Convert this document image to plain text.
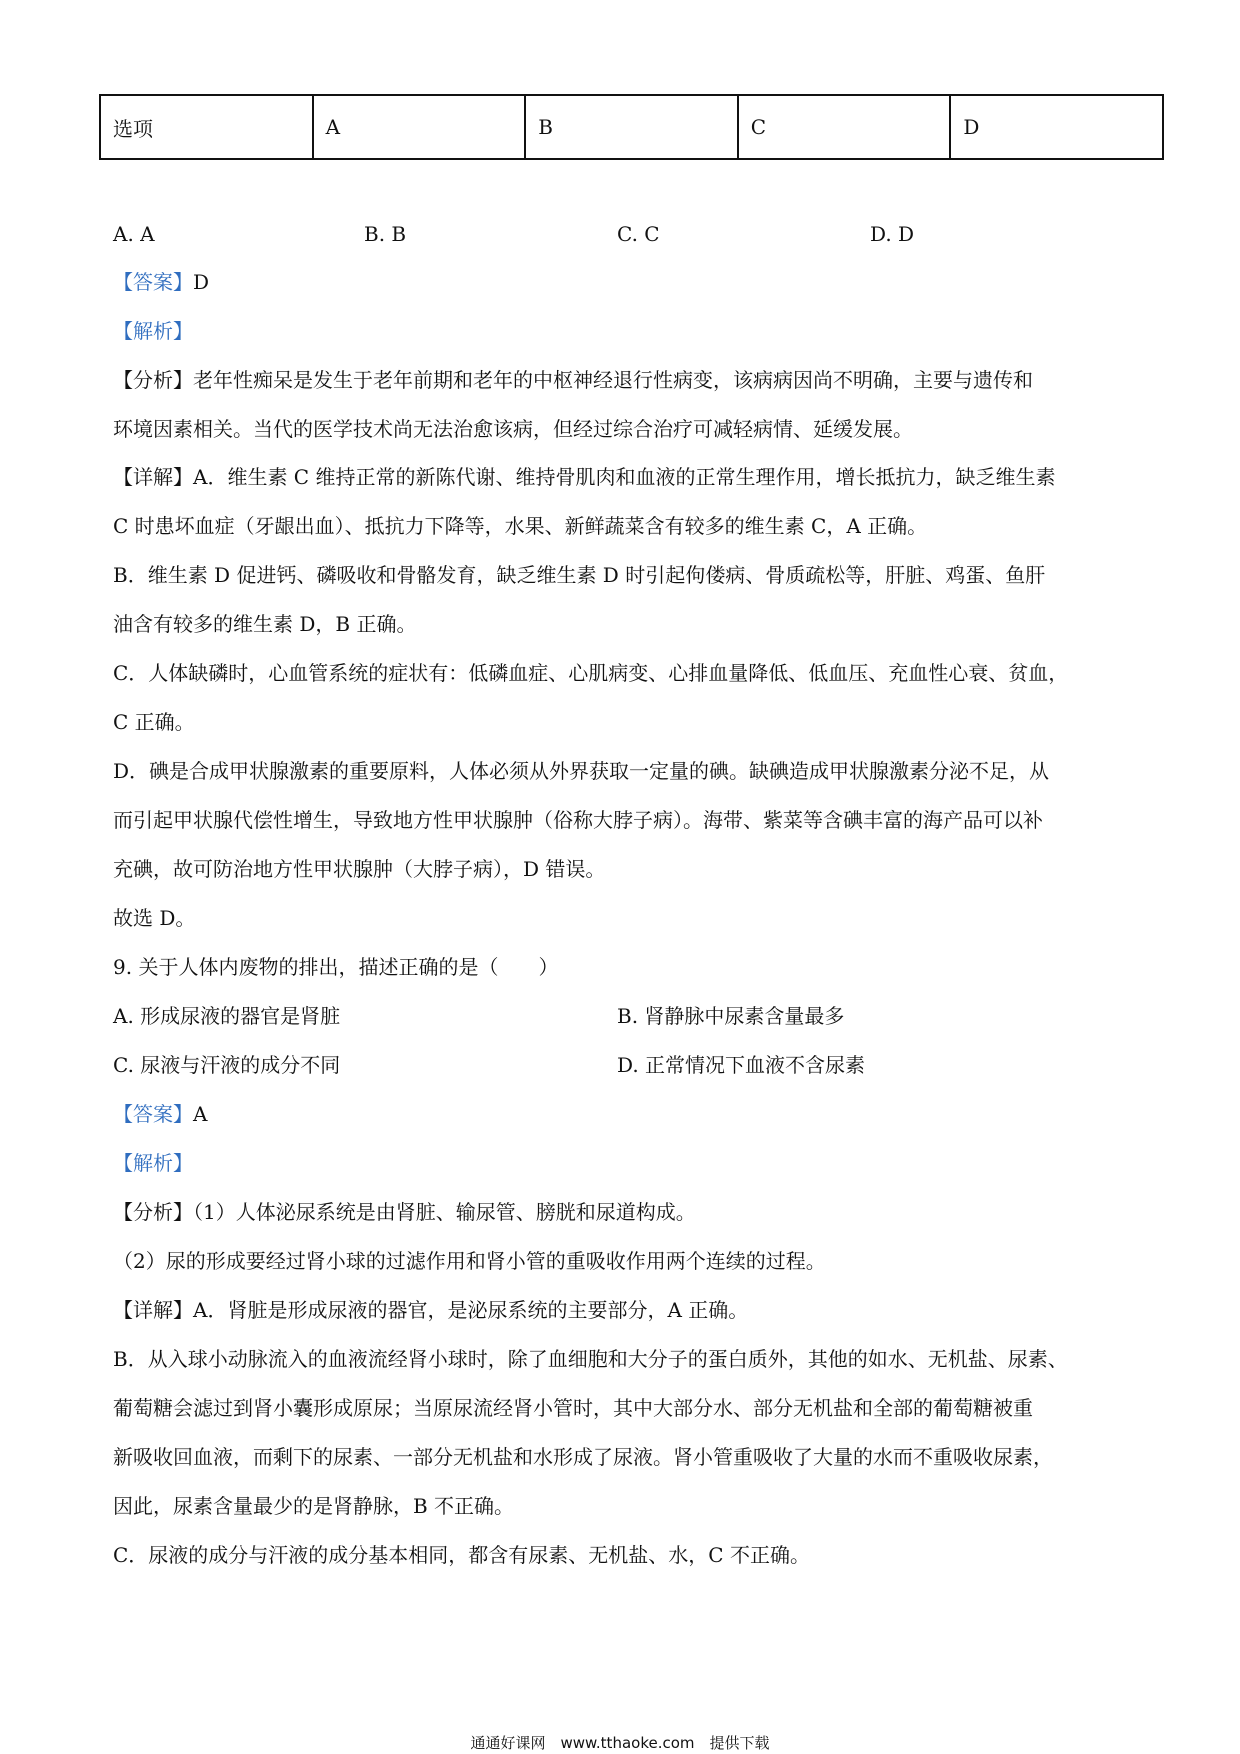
选项	A	B	C	D
A. A	B. B	C. C	D. D
【答案】D
【解析】
【分析】老年性痴呆是发生于老年前期和老年的中枢神经退行性病变，该病病因尚不明确，主要与遗传和
环境因素相关。当代的医学技术尚无法治愈该病，但经过综合治疗可减轻病情、延缓发展。
【详解】A．维生素 C 维持正常的新陈代谢、维持骨肌肉和血液的正常生理作用，增长抵抗力，缺乏维生素
C 时患坏血症（牙龈出血）、抵抗力下降等，水果、新鲜蔬菜含有较多的维生素 C，A 正确。
B．维生素 D 促进钙、磷吸收和骨骼发育，缺乏维生素 D 时引起佝偻病、骨质疏松等，肝脏、鸡蛋、鱼肝
油含有较多的维生素 D，B 正确。
C．人体缺磷时，心血管系统的症状有：低磷血症、心肌病变、心排血量降低、低血压、充血性心衰、贫血，
C 正确。
D．碘是合成甲状腺激素的重要原料，人体必须从外界获取一定量的碘。缺碘造成甲状腺激素分泌不足，从
而引起甲状腺代偿性增生，导致地方性甲状腺肿（俗称大脖子病）。海带、紫菜等含碘丰富的海产品可以补
充碘，故可防治地方性甲状腺肿（大脖子病），D 错误。
故选 D。
9. 关于人体内废物的排出，描述正确的是（　　）
A. 形成尿液的器官是肾脏	B. 肾静脉中尿素含量最多
C. 尿液与汗液的成分不同	D. 正常情况下血液不含尿素
【答案】A
【解析】
【分析】（1）人体泌尿系统是由肾脏、输尿管、膀胱和尿道构成。
（2）尿的形成要经过肾小球的过滤作用和肾小管的重吸收作用两个连续的过程。
【详解】A．肾脏是形成尿液的器官，是泌尿系统的主要部分，A 正确。
B．从入球小动脉流入的血液流经肾小球时，除了血细胞和大分子的蛋白质外，其他的如水、无机盐、尿素、
葡萄糖会滤过到肾小囊形成原尿；当原尿流经肾小管时，其中大部分水、部分无机盐和全部的葡萄糖被重
新吸收回血液，而剩下的尿素、一部分无机盐和水形成了尿液。肾小管重吸收了大量的水而不重吸收尿素，
因此，尿素含量最少的是肾静脉，B 不正确。
C．尿液的成分与汗液的成分基本相同，都含有尿素、无机盐、水，C 不正确。
通通好课网　www.tthaoke.com　提供下载
